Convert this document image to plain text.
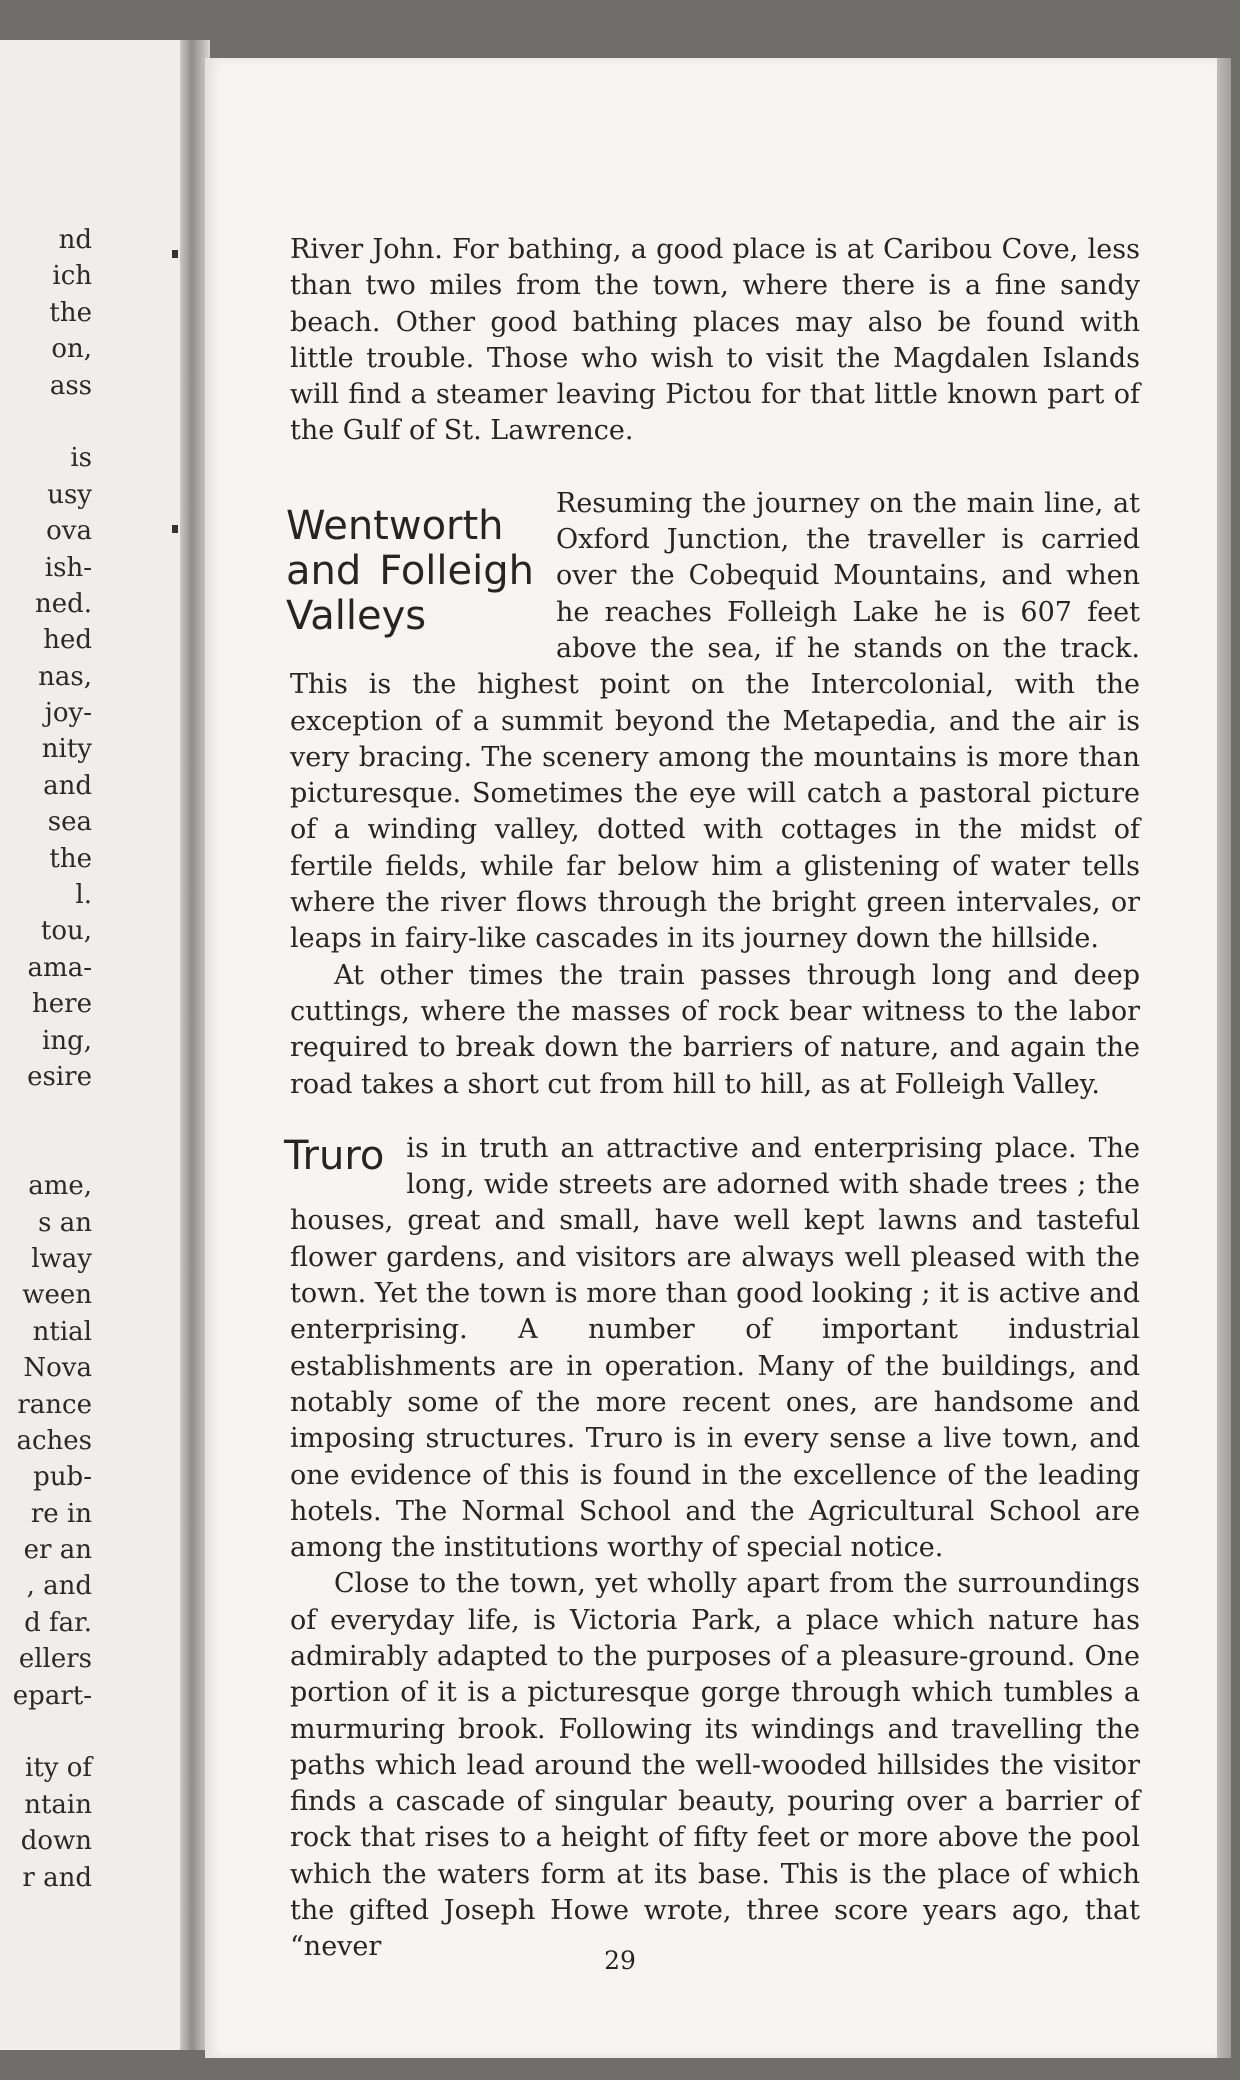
nd
ich
the
on,
ass
is
usy
ova
ish-
ned.
hed
nas,
joy-
nity
and
sea
the
l.
tou,
ama-
here
ing,
esire
ame,
s an
lway
ween
ntial
Nova
rance
aches
pub-
re in
er an
, and
d far.
ellers
epart-
ity of
ntain
down
r and

River John. For bathing, a good place is at Caribou Cove, less than two miles from the town, where there is a fine sandy beach. Other good bathing places may also be found with little trouble. Those who wish to visit the Magdalen Islands will find a steamer leaving Pictou for that little known part of the Gulf of St. Lawrence.

Wentworth and Folleigh Valleys

Resuming the journey on the main line, at Oxford Junction, the traveller is carried over the Cobequid Mountains, and when he reaches Folleigh Lake he is 607 feet above the sea, if he stands on the track. This is the highest point on the Intercolonial, with the exception of a summit beyond the Metapedia, and the air is very bracing. The scenery among the mountains is more than picturesque. Sometimes the eye will catch a pastoral picture of a winding valley, dotted with cottages in the midst of fertile fields, while far below him a glistening of water tells where the river flows through the bright green intervales, or leaps in fairy-like cascades in its journey down the hillside.

At other times the train passes through long and deep cuttings, where the masses of rock bear witness to the labor required to break down the barriers of nature, and again the road takes a short cut from hill to hill, as at Folleigh Valley.

Truro is in truth an attractive and enterprising place. The long, wide streets are adorned with shade trees ; the houses, great and small, have well kept lawns and tasteful flower gardens, and visitors are always well pleased with the town. Yet the town is more than good looking ; it is active and enterprising. A number of important industrial establishments are in operation. Many of the buildings, and notably some of the more recent ones, are handsome and imposing structures. Truro is in every sense a live town, and one evidence of this is found in the excellence of the leading hotels. The Normal School and the Agricultural School are among the institutions worthy of special notice.

Close to the town, yet wholly apart from the surroundings of everyday life, is Victoria Park, a place which nature has admirably adapted to the purposes of a pleasure-ground. One portion of it is a picturesque gorge through which tumbles a murmuring brook. Following its windings and travelling the paths which lead around the well-wooded hillsides the visitor finds a cascade of singular beauty, pouring over a barrier of rock that rises to a height of fifty feet or more above the pool which the waters form at its base. This is the place of which the gifted Joseph Howe wrote, three score years ago, that “never	29
